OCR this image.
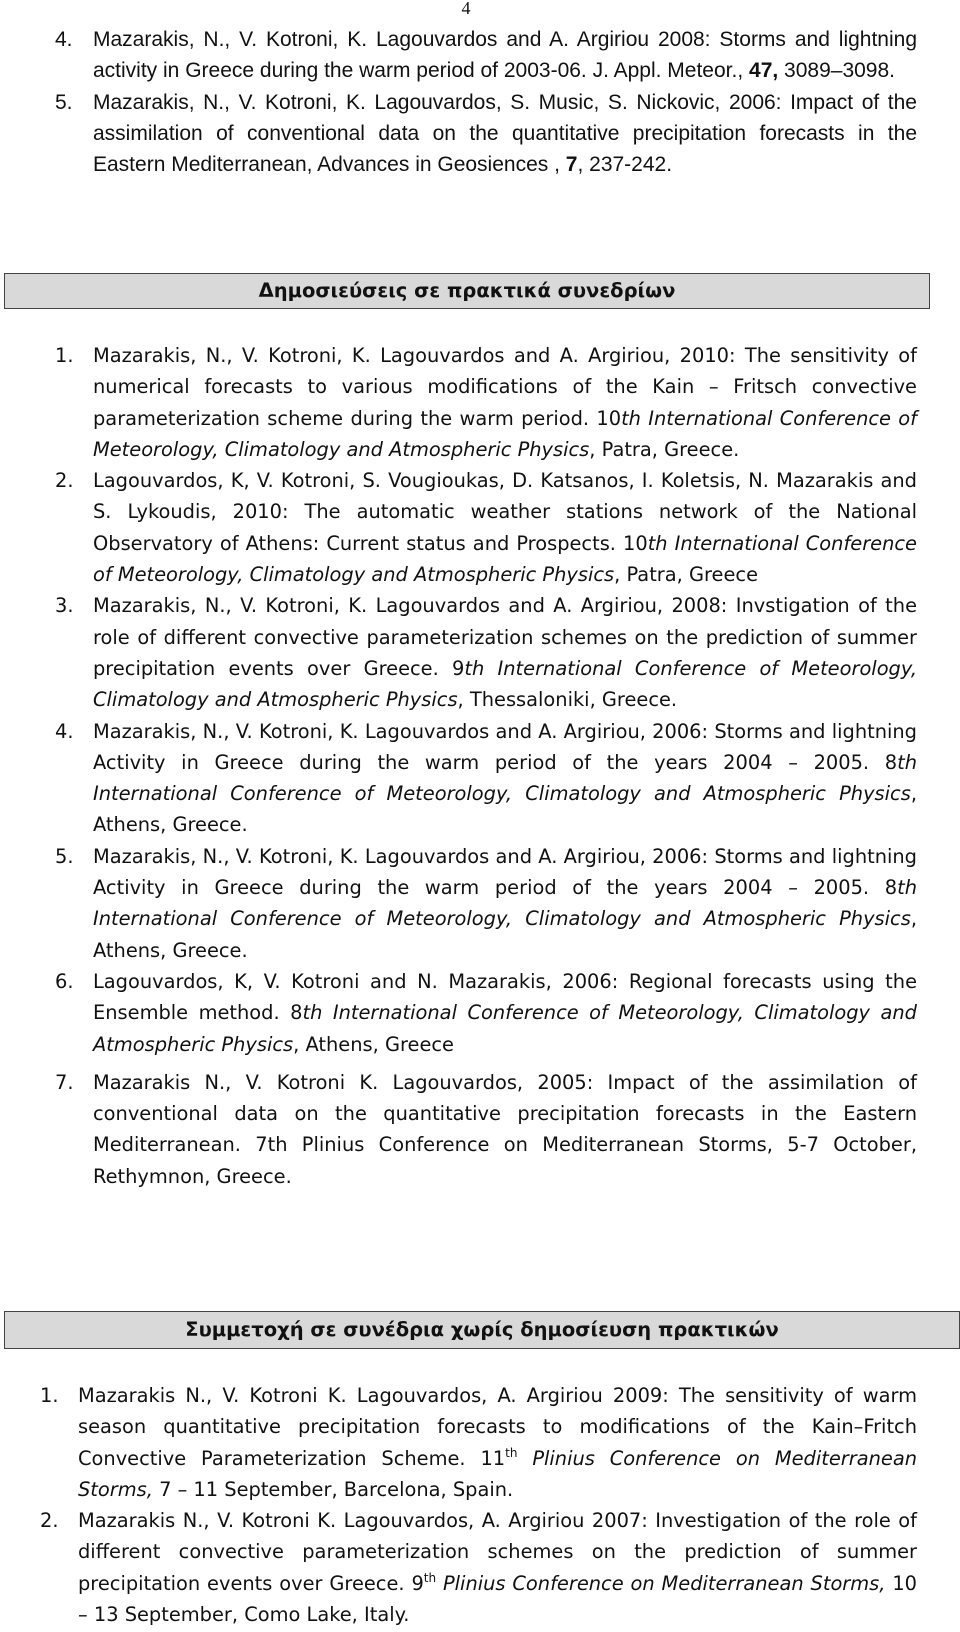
4
4. Mazarakis, N., V. Kotroni, K. Lagouvardos and A. Argiriou 2008: Storms and lightning activity in Greece during the warm period of 2003-06. J. Appl. Meteor., 47, 3089–3098.
5. Mazarakis, N., V. Kotroni, K. Lagouvardos, S. Music, S. Nickovic, 2006: Impact of the assimilation of conventional data on the quantitative precipitation forecasts in the Eastern Mediterranean, Advances in Geosiences , 7, 237-242.
Δημοσιεύσεις σε πρακτικά συνεδρίων
1. Mazarakis, N., V. Kotroni, K. Lagouvardos and A. Argiriou, 2010: The sensitivity of numerical forecasts to various modifications of the Kain – Fritsch convective parameterization scheme during the warm period. 10th International Conference of Meteorology, Climatology and Atmospheric Physics, Patra, Greece.
2. Lagouvardos, K, V. Kotroni, S. Vougioukas, D. Katsanos, I. Koletsis, N. Mazarakis and S. Lykoudis, 2010: The automatic weather stations network of the National Observatory of Athens: Current status and Prospects. 10th International Conference of Meteorology, Climatology and Atmospheric Physics, Patra, Greece
3. Mazarakis, N., V. Kotroni, K. Lagouvardos and A. Argiriou, 2008: Invstigation of the role of different convective parameterization schemes on the prediction of summer precipitation events over Greece. 9th International Conference of Meteorology, Climatology and Atmospheric Physics, Thessaloniki, Greece.
4. Mazarakis, N., V. Kotroni, K. Lagouvardos and A. Argiriou, 2006: Storms and lightning Activity in Greece during the warm period of the years 2004 – 2005. 8th International Conference of Meteorology, Climatology and Atmospheric Physics, Athens, Greece.
5. Mazarakis, N., V. Kotroni, K. Lagouvardos and A. Argiriou, 2006: Storms and lightning Activity in Greece during the warm period of the years 2004 – 2005. 8th International Conference of Meteorology, Climatology and Atmospheric Physics, Athens, Greece.
6. Lagouvardos, K, V. Kotroni and N. Mazarakis, 2006: Regional forecasts using the Ensemble method. 8th International Conference of Meteorology, Climatology and Atmospheric Physics, Athens, Greece
7. Mazarakis N., V. Kotroni K. Lagouvardos, 2005: Impact of the assimilation of conventional data on the quantitative precipitation forecasts in the Eastern Mediterranean. 7th Plinius Conference on Mediterranean Storms, 5-7 October, Rethymnon, Greece.
Συμμετοχή σε συνέδρια χωρίς δημοσίευση πρακτικών
1. Mazarakis N., V. Kotroni K. Lagouvardos, A. Argiriou 2009: The sensitivity of warm season quantitative precipitation forecasts to modifications of the Kain–Fritch Convective Parameterization Scheme. 11th Plinius Conference on Mediterranean Storms, 7 – 11 September, Barcelona, Spain.
2. Mazarakis N., V. Kotroni K. Lagouvardos, A. Argiriou 2007: Investigation of the role of different convective parameterization schemes on the prediction of summer precipitation events over Greece. 9th Plinius Conference on Mediterranean Storms, 10 – 13 September, Como Lake, Italy.
